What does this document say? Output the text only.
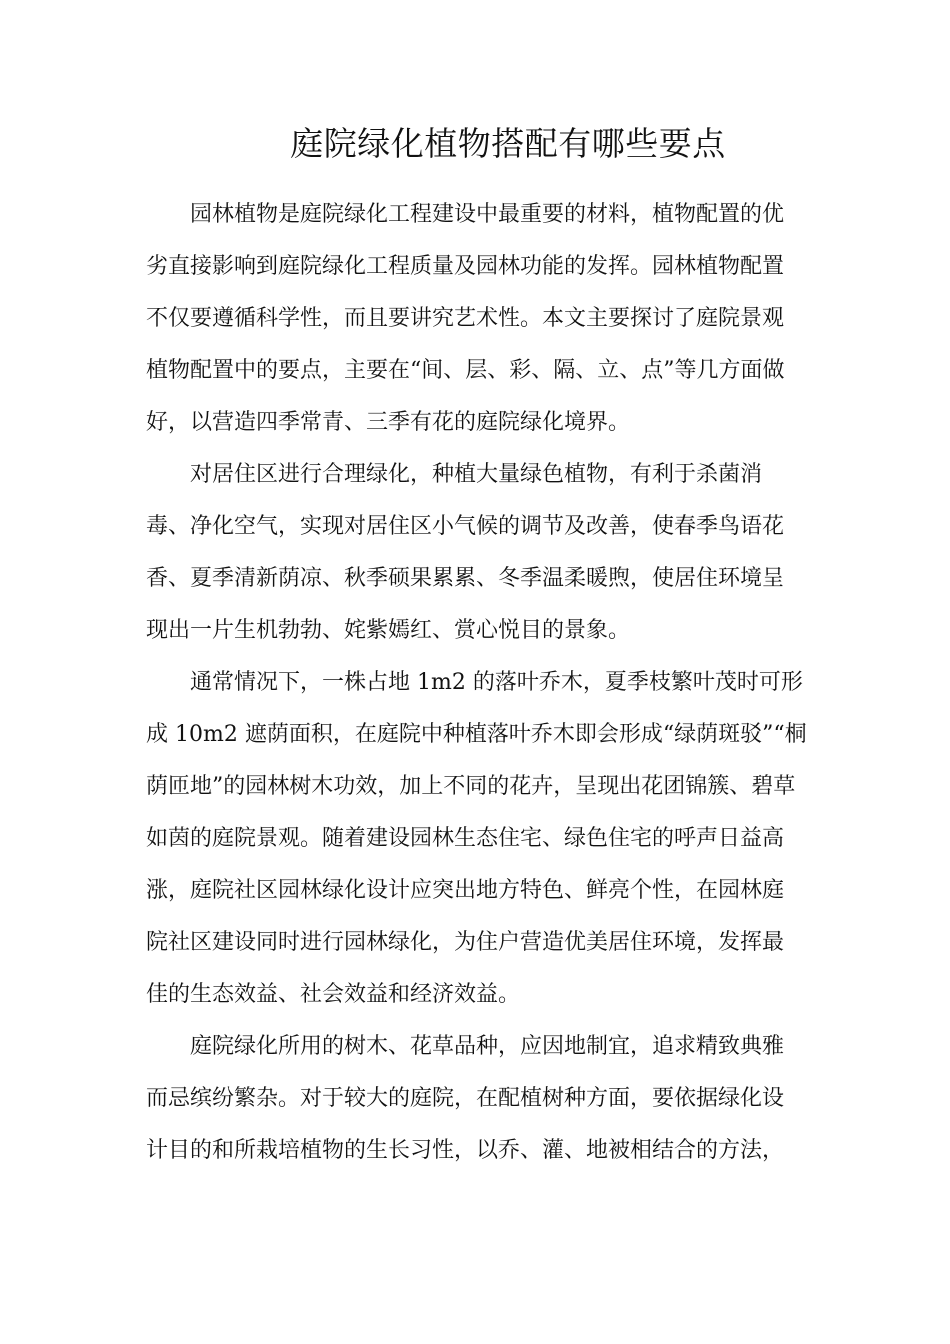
庭院绿化植物搭配有哪些要点

园林植物是庭院绿化工程建设中最重要的材料，植物配置的优
劣直接影响到庭院绿化工程质量及园林功能的发挥。园林植物配置
不仅要遵循科学性，而且要讲究艺术性。本文主要探讨了庭院景观
植物配置中的要点，主要在“间、层、彩、隔、立、点”等几方面做
好，以营造四季常青、三季有花的庭院绿化境界。

对居住区进行合理绿化，种植大量绿色植物，有利于杀菌消
毒、净化空气，实现对居住区小气候的调节及改善，使春季鸟语花
香、夏季清新荫凉、秋季硕果累累、冬季温柔暖煦，使居住环境呈
现出一片生机勃勃、姹紫嫣红、赏心悦目的景象。

通常情况下，一株占地 1m2 的落叶乔木，夏季枝繁叶茂时可形
成 10m2 遮荫面积，在庭院中种植落叶乔木即会形成“绿荫斑驳”“桐
荫匝地”的园林树木功效，加上不同的花卉，呈现出花团锦簇、碧草
如茵的庭院景观。随着建设园林生态住宅、绿色住宅的呼声日益高
涨，庭院社区园林绿化设计应突出地方特色、鲜亮个性，在园林庭
院社区建设同时进行园林绿化，为住户营造优美居住环境，发挥最
佳的生态效益、社会效益和经济效益。

庭院绿化所用的树木、花草品种，应因地制宜，追求精致典雅
而忌缤纷繁杂。对于较大的庭院，在配植树种方面，要依据绿化设
计目的和所栽培植物的生长习性，以乔、灌、地被相结合的方法，
